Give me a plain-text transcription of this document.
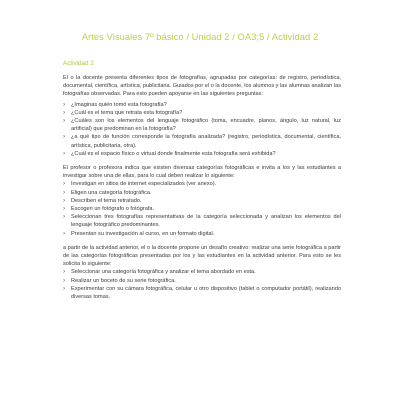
Artes Visuales 7º básico / Unidad 2 / OA3;5 / Actividad 2
Actividad 2

El o la docente presenta diferentes tipos de fotografías, agrupadas por categorías: de registro, periodística, documental, científica, artística, publicitaria. Guiados por el o la docente, los alumnos y las alumnas analizan las fotografías observadas. Para esto pueden apoyarse en las siguientes preguntas:

› ¿Imaginas quién tomó esta fotografía?
› ¿Cuál es el tema que retrata esta fotografía?
› ¿Cuáles son los elementos del lenguaje fotográfico (toma, encuadre, planos, ángulo, luz natural, luz artificial) que predominan en la fotografía?
› ¿a qué tipo de función corresponde la fotografía analizada? (registro, periodística, documental, científica, artística, publicitaria, otra).
› ¿Cuál es el espacio físico o virtual donde finalmente esta fotografía será exhibida?

El profesor o profesora indica que existen diversas categorías fotográficas e invita a los y las estudiantes a investigar sobre una de ellas, para lo cual deben realizar lo siguiente:

› Investigan en sitios de internet especializados (ver anexo).
› Eligen una categoría fotográfica.
› Describen el tema retratado.
› Escogen un fotógrafo o fotógrafa.
› Seleccionan tres fotografías representativas de la categoría seleccionada y analizan los elementos del lenguaje fotográfico predominantes.
› Presentan su investigación al curso, en un formato digital.

a partir de la actividad anterior, el o la docente propone un desafío creativo: realizar una serie fotográfica a partir de las categorías fotográficas presentadas por los y las estudiantes en la actividad anterior. Para esto se les solicita lo siguiente:

› Seleccionar una categoría fotográfica y analizar el tema abordado en esta.
› Realizar un boceto de su serie fotográfica.
› Experimentar con su cámara fotográfica, celular u otro dispositivo (tablet o computador portátil), realizando diversas tomas.
